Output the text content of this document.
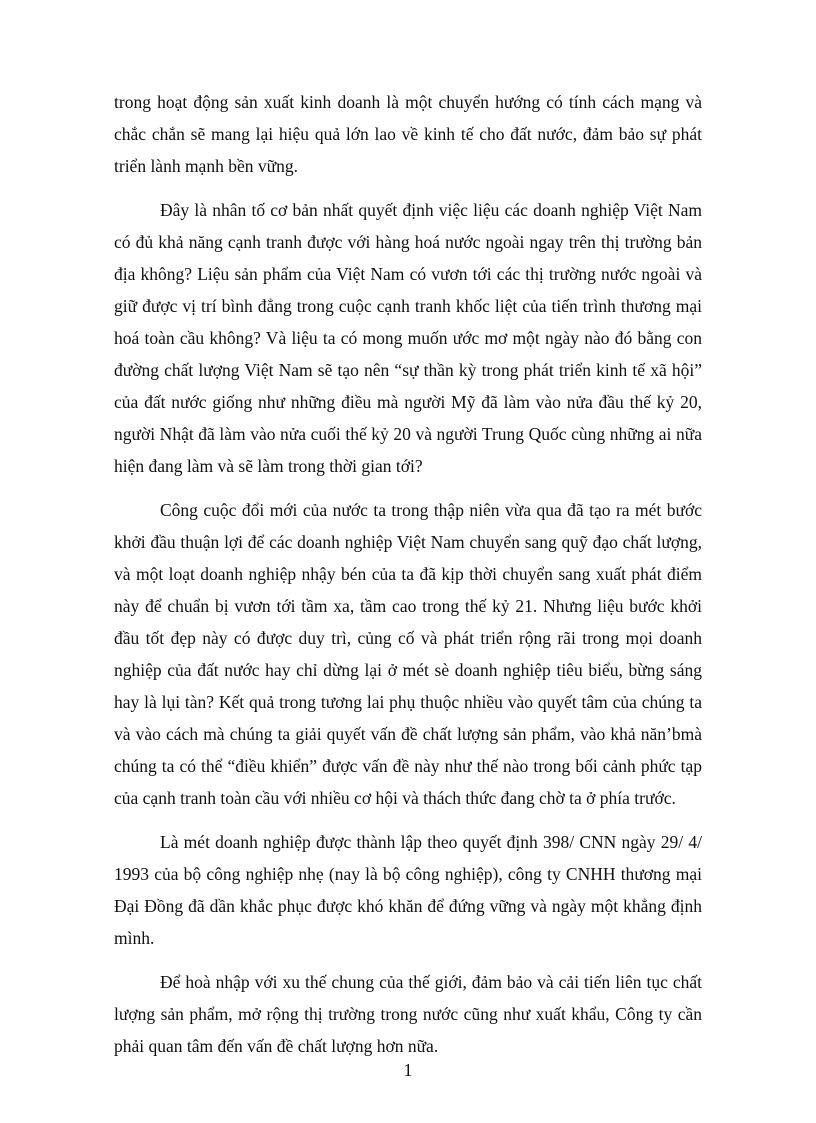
trong hoạt động sản xuất kinh doanh là một chuyển hướng có tính cách mạng và
chắc chắn sẽ mang lại hiệu quả lớn lao về kinh tế cho đất nước, đảm bảo sự phát
triển lành mạnh bền vững.
Đây là nhân tố cơ bản nhất quyết định việc liệu các doanh nghiệp Việt Nam
có đủ khả năng cạnh tranh được với hàng hoá nước ngoài ngay trên thị trường bản
địa không? Liệu sản phẩm của Việt Nam có vươn tới các thị trường nước ngoài và
giữ được vị trí bình đẳng trong cuộc cạnh tranh khốc liệt của tiến trình thương mại
hoá toàn cầu không? Và liệu ta có mong muốn ước mơ một ngày nào đó bằng con
đường chất lượng Việt Nam sẽ tạo nên “sự thần kỳ trong phát triển kinh tế xã hội”
của đất nước giống như những điều mà người Mỹ đã làm vào nửa đầu thế kỷ 20,
người Nhật đã làm vào nửa cuối thế kỷ 20 và người Trung Quốc cùng những ai nữa
hiện đang làm và sẽ làm trong thời gian tới?
Công cuộc đổi mới của nước ta trong thập niên vừa qua đã tạo ra mét bước
khởi đầu thuận lợi để các doanh nghiệp Việt Nam chuyển sang quỹ đạo chất lượng,
và một loạt doanh nghiệp nhậy bén của ta đã kịp thời chuyển sang xuất phát điểm
này để chuẩn bị vươn tới tầm xa, tầm cao trong thế kỷ 21. Nhưng liệu bước khởi
đầu tốt đẹp này có được duy trì, củng cố và phát triển rộng rãi trong mọi doanh
nghiệp của đất nước hay chỉ dừng lại ở mét sè doanh nghiệp tiêu biểu, bừng sáng
hay là lụi tàn? Kết quả trong tương lai phụ thuộc nhiều vào quyết tâm của chúng ta
và vào cách mà chúng ta giải quyết vấn đề chất lượng sản phẩm, vào khả năn’bmà
chúng ta có thể “điều khiển” được vấn đề này như thế nào trong bối cảnh phức tạp
của cạnh tranh toàn cầu với nhiều cơ hội và thách thức đang chờ ta ở phía trước.
Là mét doanh nghiệp được thành lập theo quyết định 398/ CNN ngày 29/ 4/
1993 của bộ công nghiệp nhẹ (nay là bộ công nghiệp), công ty CNHH thương mại
Đại Đồng đã dần khắc phục được khó khăn để đứng vững và ngày một khẳng định
mình.
Để hoà nhập với xu thế chung của thế giới, đảm bảo và cải tiến liên tục chất
lượng sản phẩm, mở rộng thị trường trong nước cũng như xuất khẩu, Công ty cần
phải quan tâm đến vấn đề chất lượng hơn nữa.
1
